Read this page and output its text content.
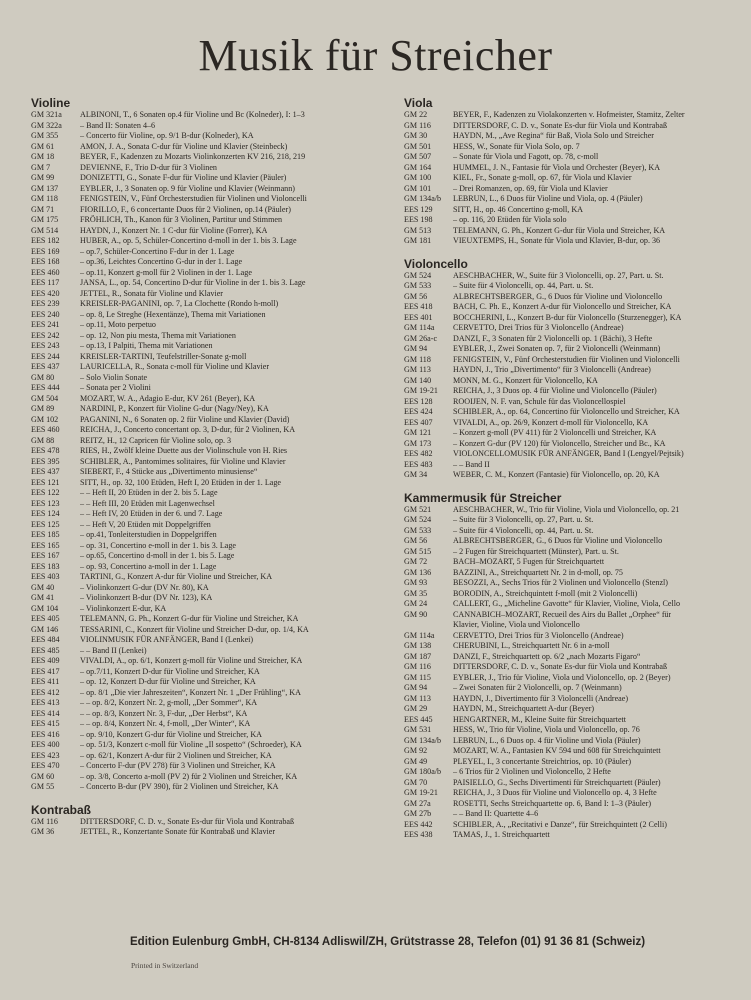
Musik für Streicher
Violine
GM 321a	ALBINONI, T., 6 Sonaten op.4 für Violine und Bc (Kolneder), I: 1–3
GM 322a	– Band II: Sonaten 4–6
GM 355	– Concerto für Violine, op. 9/1 B-dur (Kolneder), KA
GM 61	AMON, J. A., Sonata C-dur für Violine und Klavier (Steinbeck)
GM 18	BEYER, F., Kadenzen zu Mozarts Violinkonzerten KV 216, 218, 219
GM 7	DEVIENNE, F., Trio D-dur für 3 Violinen
GM 99	DONIZETTI, G., Sonate F-dur für Violine und Klavier (Päuler)
GM 137	EYBLER, J., 3 Sonaten op. 9 für Violine und Klavier (Weinmann)
GM 118	FENIGSTEIN, V., Fünf Orchesterstudien für Violinen und Violoncelli
GM 71	FIORILLO, F., 6 concertante Duos für 2 Violinen, op.14 (Päuler)
GM 175	FRÖHLICH, Th., Kanon für 3 Violinen, Partitur und Stimmen
GM 514	HAYDN, J., Konzert Nr. 1 C-dur für Violine (Forrer), KA
EES 182	HUBER, A., op. 5, Schüler-Concertino d-moll in der 1. bis 3. Lage
EES 169	– op.7, Schüler-Concertino F-dur in der 1. Lage
EES 168	– op.36, Leichtes Concertino G-dur in der 1. Lage
EES 460	– op.11, Konzert g-moll für 2 Violinen in der 1. Lage
EES 117	JANSA, L., op. 54, Concertino D-dur für Violine in der 1. bis 3. Lage
EES 420	JETTEL, R., Sonata für Violine und Klavier
EES 239	KREISLER-PAGANINI, op. 7, La Clochette (Rondo h-moll)
EES 240	– op. 8, Le Streghe (Hexentänze), Thema mit Variationen
EES 241	– op.11, Moto perpetuo
EES 242	– op. 12, Non piu mesta, Thema mit Variationen
EES 243	– op.13, I Palpiti, Thema mit Variationen
EES 244	KREISLER-TARTINI, Teufelstriller-Sonate g-moll
EES 437	LAURICELLA, R., Sonata c-moll für Violine und Klavier
GM 80	– Solo Violin Sonate
EES 444	– Sonata per 2 Violini
GM 504	MOZART, W. A., Adagio E-dur, KV 261 (Beyer), KA
GM 89	NARDINI, P., Konzert für Violine G-dur (Nagy/Ney), KA
GM 102	PAGANINI, N., 6 Sonaten op. 2 für Violine und Klavier (David)
EES 460	REICHA, J., Concerto concertant op. 3, D-dur, für 2 Violinen, KA
GM 88	REITZ, H., 12 Capricen für Violine solo, op. 3
EES 478	RIES, H., Zwölf kleine Duette aus der Violinschule von H. Ries
EES 395	SCHIBLER, A., Pantomimes solitaires, für Violine und Klavier
EES 437	SIEBERT, F., 4 Stücke aus „Divertimento minusiense“
EES 121	SITT, H., op. 32, 100 Etüden, Heft I, 20 Etüden in der 1. Lage
EES 122	– – Heft II, 20 Etüden in der 2. bis 5. Lage
EES 123	– – Heft III, 20 Etüden mit Lagenwechsel
EES 124	– – Heft IV, 20 Etüden in der 6. und 7. Lage
EES 125	– – Heft V, 20 Etüden mit Doppelgriffen
EES 185	– op.41, Tonleiterstudien in Doppelgriffen
EES 165	– op. 31, Concertino e-moll in der 1. bis 3. Lage
EES 167	– op.65, Concertino d-moll in der 1. bis 5. Lage
EES 183	– op. 93, Concertino a-moll in der 1. Lage
EES 403	TARTINI, G., Konzert A-dur für Violine und Streicher, KA
GM 40	– Violinkonzert G-dur (DV Nr. 80), KA
GM 41	– Violinkonzert B-dur (DV Nr. 123), KA
GM 104	– Violinkonzert E-dur, KA
EES 405	TELEMANN, G. Ph., Konzert G-dur für Violine und Streicher, KA
GM 146	TESSARINI, C., Konzert für Violine und Streicher D-dur, op. 1/4, KA
EES 484	VIOLINMUSIK FÜR ANFÄNGER, Band I (Lenkei)
EES 485	– – Band II (Lenkei)
EES 409	VIVALDI, A., op. 6/1, Konzert g-moll für Violine und Streicher, KA
EES 417	– op.7/11, Konzert D-dur für Violine und Streicher, KA
EES 411	– op. 12, Konzert D-dur für Violine und Streicher, KA
EES 412	– op. 8/1 „Die vier Jahreszeiten“, Konzert Nr. 1 „Der Frühling“, KA
EES 413	– – op. 8/2, Konzert Nr. 2, g-moll, „Der Sommer“, KA
EES 414	– – op. 8/3, Konzert Nr. 3, F-dur, „Der Herbst“, KA
EES 415	– – op. 8/4, Konzert Nr. 4, f-moll, „Der Winter“, KA
EES 416	– op. 9/10, Konzert G-dur für Violine und Streicher, KA
EES 400	– op. 51/3, Konzert c-moll für Violine „Il sospetto“ (Schroeder), KA
EES 423	– op. 62/1, Konzert A-dur für 2 Violinen und Streicher, KA
EES 470	– Concerto F-dur (PV 278) für 3 Violinen und Streicher, KA
GM 60	– op. 3/8, Concerto a-moll (PV 2) für 2 Violinen und Streicher, KA
GM 55	– Concerto B-dur (PV 390), für 2 Violinen und Streicher, KA
Kontrabaß
GM 116	DITTERSDORF, C. D. v., Sonate Es-dur für Viola und Kontrabaß
GM 36	JETTEL, R., Konzertante Sonate für Kontrabaß und Klavier
Viola
GM 22	BEYER, F., Kadenzen zu Violakonzerten v. Hofmeister, Stamitz, Zelter
GM 116	DITTERSDORF, C. D. v., Sonate Es-dur für Viola und Kontrabaß
GM 30	HAYDN, M., „Ave Regina“ für Baß, Viola Solo und Streicher
GM 501	HESS, W., Sonate für Viola Solo, op. 7
GM 507	– Sonate für Viola und Fagott, op. 78, c-moll
GM 164	HUMMEL, J. N., Fantasie für Viola und Orchester (Beyer), KA
GM 100	KIEL, Fr., Sonate g-moll, op. 67, für Viola und Klavier
GM 101	– Drei Romanzen, op. 69, für Viola und Klavier
GM 134a/b	LEBRUN, L., 6 Duos für Violine und Viola, op. 4 (Päuler)
EES 129	SITT, H., op. 46 Concertino g-moll, KA
EES 198	– op. 116, 20 Etüden für Viola solo
GM 513	TELEMANN, G. Ph., Konzert G-dur für Viola und Streicher, KA
GM 181	VIEUXTEMPS, H., Sonate für Viola und Klavier, B-dur, op. 36
Violoncello
GM 524	AESCHBACHER, W., Suite für 3 Violoncelli, op. 27, Part. u. St.
GM 533	– Suite für 4 Violoncelli, op. 44, Part. u. St.
GM 56	ALBRECHTSBERGER, G., 6 Duos für Violine und Violoncello
EES 418	BACH, C. Ph. E., Konzert A-dur für Violoncello und Streicher, KA
EES 401	BOCCHERINI, L., Konzert B-dur für Violoncello (Sturzenegger), KA
GM 114a	CERVETTO, Drei Trios für 3 Violoncello (Andreae)
GM 26a-c	DANZI, F., 3 Sonaten für 2 Violoncelli op. 1 (Bächi), 3 Hefte
GM 94	EYBLER, J., Zwei Sonaten op. 7, für 2 Violoncelli (Weinmann)
GM 118	FENIGSTEIN, V., Fünf Orchesterstudien für Violinen und Violoncelli
GM 113	HAYDN, J., Trio „Divertimento“ für 3 Violoncelli (Andreae)
GM 140	MONN, M. G., Konzert für Violoncello, KA
GM 19-21	REICHA, J., 3 Duos op. 4 für Violine und Violoncello (Päuler)
EES 128	ROOIJEN, N. F. van, Schule für das Violoncellospiel
EES 424	SCHIBLER, A., op. 64, Concertino für Violoncello und Streicher, KA
EES 407	VIVALDI, A., op. 26/9, Konzert d-moll für Violoncello, KA
GM 121	– Konzert g-moll (PV 411) für 2 Violoncelli und Streicher, KA
GM 173	– Konzert G-dur (PV 120) für Violoncello, Streicher und Bc., KA
EES 482	VIOLONCELLOMUSIK FÜR ANFÄNGER, Band I (Lengyel/Pejtsik)
EES 483	– – Band II
GM 34	WEBER, C. M., Konzert (Fantasie) für Violoncello, op. 20, KA
Kammermusik für Streicher
GM 521	AESCHBACHER, W., Trio für Violine, Viola und Violoncello, op. 21
GM 524	– Suite für 3 Violoncelli, op. 27, Part. u. St.
GM 533	– Suite für 4 Violoncelli, op. 44, Part. u. St.
GM 56	ALBRECHTSBERGER, G., 6 Duos für Violine und Violoncello
GM 515	– 2 Fugen für Streichquartett (Münster), Part. u. St.
GM 72	BACH–MOZART, 5 Fugen für Streichquartett
GM 136	BAZZINI, A., Streichquartett Nr. 2 in d-moll, op. 75
GM 93	BESOZZI, A., Sechs Trios für 2 Violinen und Violoncello (Stenzl)
GM 35	BORODIN, A., Streichquintett f-moll (mit 2 Violoncelli)
GM 24	CALLERT, G., „Micheline Gavotte“ für Klavier, Violine, Viola, Cello
GM 90	CANNABICH–MOZART, Recueil des Airs du Ballet „Orphee“ für
Klavier, Violine, Viola und Violoncello
GM 114a	CERVETTO, Drei Trios für 3 Violoncello (Andreae)
GM 138	CHERUBINI, L., Streichquartett Nr. 6 in a-moll
GM 187	DANZI, F., Streichquartett op. 6/2 „nach Mozarts Figaro“
GM 116	DITTERSDORF, C. D. v., Sonate Es-dur für Viola und Kontrabaß
GM 115	EYBLER, J., Trio für Violine, Viola und Violoncello, op. 2 (Beyer)
GM 94	– Zwei Sonaten für 2 Violoncelli, op. 7 (Weinmann)
GM 113	HAYDN, J., Divertimento für 3 Violoncelli (Andreae)
GM 29	HAYDN, M., Streichquartett A-dur (Beyer)
EES 445	HENGARTNER, M., Kleine Suite für Streichquartett
GM 531	HESS, W., Trio für Violine, Viola und Violoncello, op. 76
GM 134a/b	LEBRUN, L., 6 Duos op. 4 für Violine und Viola (Päuler)
GM 92	MOZART, W. A., Fantasien KV 594 und 608 für Streichquintett
GM 49	PLEYEL, I., 3 concertante Streichtrios, op. 10 (Päuler)
GM 180a/b	– 6 Trios für 2 Violinen und Violoncello, 2 Hefte
GM 70	PAISIELLO, G., Sechs Divertimenti für Streichquartett (Päuler)
GM 19-21	REICHA, J., 3 Duos für Violine und Violoncello op. 4, 3 Hefte
GM 27a	ROSETTI, Sechs Streichquartette op. 6, Band I: 1–3 (Päuler)
GM 27b	– – Band II: Quartette 4–6
EES 442	SCHIBLER, A., „Recitativi e Danze“, für Streichquintett (2 Celli)
EES 438	TAMAS, J., 1. Streichquartett
Edition Eulenburg GmbH, CH-8134 Adliswil/ZH, Grütstrasse 28, Telefon (01) 91 36 81 (Schweiz)
Printed in Switzerland
